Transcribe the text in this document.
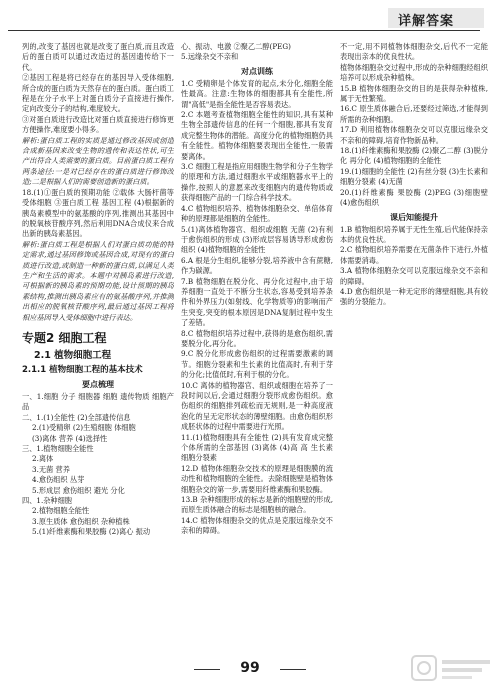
详解答案

列的,改变了基因也就是改变了蛋白质,而且改造后的蛋白质可以通过改造过的基因遗传给下一代。

②基因工程是将已经存在的基因导入受体细胞,所合成的蛋白质为天然存在的蛋白质。蛋白质工程是在分子水平上对蛋白质分子直接进行操作,定向改变分子的结构,难度较大。

③对蛋白质进行改造比对蛋白质直接进行修饰更方便操作,难度要小得多。

解析:蛋白质工程的实质是通过修改基因或创造合成新基因来改变生物的遗传和表达性状,可生产出符合人类需要的蛋白质。目前蛋白质工程有两条途径:一是对已经存在的蛋白质进行修饰改造;二是根据人们的需要创造新的蛋白质。

18.(1)①蛋白质的预期功能 ②载体 大肠杆菌等受体细胞 ③蛋白质工程 基因工程 (4)根据新的胰岛素模型中的氨基酸的序列,推测出其基因中的脱氧核苷酸序列,然后利用DNA合成仪来合成出新的胰岛素基因。

解析:蛋白质工程是根据人们对蛋白质功能的特定需求,通过基因修饰或基因合成,对现有的蛋白质进行改造,或制造一种新的蛋白质,以满足人类生产和生活的需求。本题中对胰岛素进行改造,可根据新的胰岛素的预期功能,设计预期的胰岛素结构,推测出胰岛素应有的氨基酸序列,并推测出相应的脱氧核苷酸序列,最后通过基因工程将相应基因导入受体细胞中进行表达。

专题2 细胞工程
2.1 植物细胞工程
2.1.1 植物细胞工程的基本技术
要点梳理

一、1.细胞 分子 细胞器 细胞 遗传物质 细胞产品

二、1.(1)全能性 (2)全部遗传信息

2.(1)受精卵 (2)生殖细胞 体细胞

(3)离体 营养 (4)选择性

三、1.植物细胞全能性

2.离体

3.无菌 营养

4.愈伤组织 丛芽

5.形成层 愈伤组织 避光 分化

四、1.杂种细胞

2.植物细胞全能性

3.原生质体 愈伤组织 杂种植株

5.(1)纤维素酶和果胶酶 (2)离心 振动

心、振动、电激 ②聚乙二醇(PEG)

5.远缘杂交不亲和

对点训练

1.C 受精卵是个体发育的起点,未分化,细胞全能性最高。注意:生物体的细胞都具有全能性,所谓"高低"是指全能性是否容易表达。

2.C 本题考查植物细胞全能性的知识,具有某种生物全部遗传信息的任何一个细胞,都具有发育成完整生物体的潜能。高度分化的植物细胞仍具有全能性。植物体细胞要表现出全能性,一般需要离体。

3.C 细胞工程是指应用细胞生物学和分子生物学的原理和方法,通过细胞水平或细胞器水平上的操作,按照人的意愿来改变细胞内的遗传物质或获得细胞产品的一门综合科学技术。

4.C 植物组织培养、植物体细胞杂交、单倍体育种的原理都是细胞的全能性。

5.(1)离体植物器官、组织或细胞 无菌 (2)有利于愈伤组织的形成 (3)形成层容易诱导形成愈伤组织 (4)植物细胞的全能性

6.A 根是分生组织,能够分裂,培养液中含有蔗糖,作为碳源。

7.B 植物细胞在脱分化、再分化过程中,由于培养细胞一直处于不断分生状态,容易受到培养条件和外界压力(如射线、化学物质等)的影响而产生突变,突变的根本原因是DNA复制过程中发生了差错。

8.C 植物组织培养过程中,获得的是愈伤组织,需要脱分化,再分化。

9.C 脱分化形成愈伤组织的过程需要激素的调节。细胞分裂素和生长素的比值高时,有利于芽的分化;比值低时,有利于根的分化。

10.C 离体的植物器官、组织或细胞在培养了一段时间以后,会通过细胞分裂形成愈伤组织。愈伤组织的细胞排列疏松而无规则,是一种高度液泡化的呈无定形状态的薄壁细胞。由愈伤组织形成胚状体的过程中需要进行光照。

11.(1)植物细胞具有全能性 (2)具有发育成完整个体所需的全部基因 (3)离体 (4)高 高 生长素 细胞分裂素

12.D 植物体细胞杂交技术的原理是细胞膜的流动性和植物细胞的全能性。去除细胞壁是植物体细胞杂交的第一步,需要用纤维素酶和果胶酶。

13.B 杂种细胞形成的标志是新的细胞壁的形成,而原生质体融合的标志是细胞核的融合。

14.C 植物体细胞杂交的优点是克服远缘杂交不亲和的障碍。

不一定,用不同植物体细胞杂交,后代不一定能表现出亲本的优良性状。

植物体细胞杂交过程中,形成的杂种细胞经组织培养可以形成杂种植株。

15.B 植物体细胞杂交的目的是获得杂种植株,属于无性繁殖。

16.C 原生质体融合后,还要经过筛选,才能得到所需的杂种细胞。

17.D 利用植物体细胞杂交可以克服远缘杂交不亲和的障碍,培育作物新品种。

18.(1)纤维素酶和果胶酶 (2)聚乙二醇 (3)脱分化 再分化 (4)植物细胞的全能性

19.(1)细胞的全能性 (2)有丝分裂 (3)生长素和细胞分裂素 (4)无菌

20.(1)纤维素酶 果胶酶 (2)PEG (3)细胞壁 (4)愈伤组织

课后知能提升

1.B 植物组织培养属于无性生殖,后代能保持亲本的优良性状。

2.C 植物组织培养需要在无菌条件下进行,外植体需要消毒。

3.A 植物体细胞杂交可以克服远缘杂交不亲和的障碍。

4.D 愈伤组织是一种无定形的薄壁细胞,具有较强的分裂能力。

99
